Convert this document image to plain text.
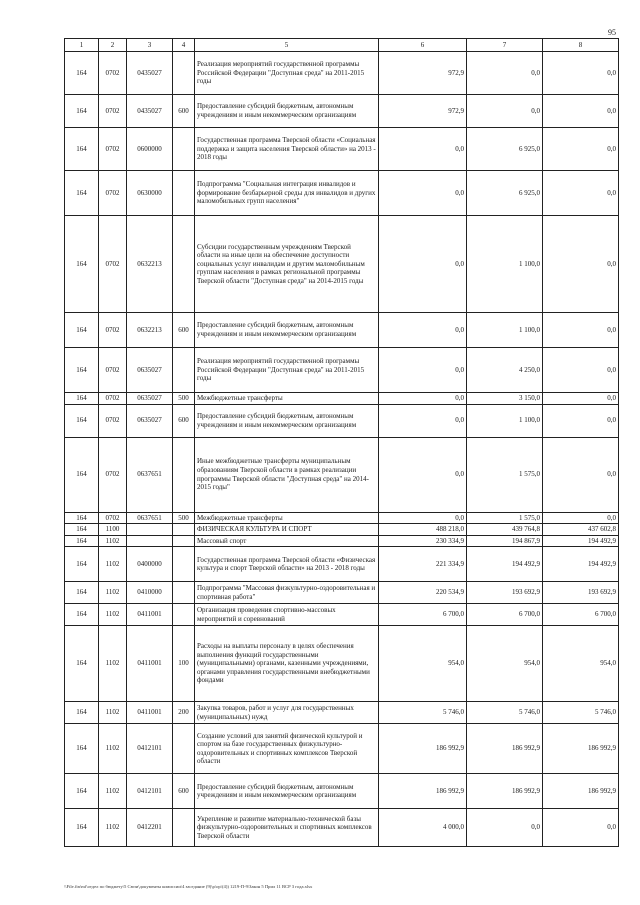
95
1	2	3	4	5	6	7	8
164	0702	0435027		Реализация мероприятий государственной программы Российской Федерации "Доступная среда" на 2011-2015 годы	972,9	0,0	0,0
164	0702	0435027	600	Предоставление субсидий бюджетным, автономным учреждениям и иным некоммерческим организациям	972,9	0,0	0,0
164	0702	0600000		Государственная программа Тверской области «Социальная поддержка и защита населения Тверской области» на 2013 - 2018 годы	0,0	6 925,0	0,0
164	0702	0630000		Подпрограмма "Социальная интеграция инвалидов и формирование безбарьерной среды для инвалидов и других маломобильных групп населения"	0,0	6 925,0	0,0
164	0702	0632213		Субсидии государственным учреждениям Тверской области на иные цели на обеспечение доступности социальных услуг инвалидам и другим маломобильным группам населения в рамках региональной программы Тверской области "Доступная среда" на 2014-2015 годы	0,0	1 100,0	0,0
164	0702	0632213	600	Предоставление субсидий бюджетным, автономным учреждениям и иным некоммерческим организациям	0,0	1 100,0	0,0
164	0702	0635027		Реализация мероприятий государственной программы Российской Федерации "Доступная среда" на 2011-2015 годы	0,0	4 250,0	0,0
164	0702	0635027	500	Межбюджетные трансферты	0,0	3 150,0	0,0
164	0702	0635027	600	Предоставление субсидий бюджетным, автономным учреждениям и иным некоммерческим организациям	0,0	1 100,0	0,0
164	0702	0637651		Иные межбюджетные трансферты муниципальным образованиям Тверской области в рамках реализации программы Тверской области "Доступная среда" на 2014-2015 годы"	0,0	1 575,0	0,0
164	0702	0637651	500	Межбюджетные трансферты	0,0	1 575,0	0,0
164	1100			ФИЗИЧЕСКАЯ КУЛЬТУРА И СПОРТ	488 218,0	439 764,8	437 602,8
164	1102			Массовый спорт	230 334,9	194 867,9	194 492,9
164	1102	0400000		Государственная программа Тверской области «Физическая культура и спорт Тверской области» на 2013 - 2018 годы	221 334,9	194 492,9	194 492,9
164	1102	0410000		Подпрограмма "Массовая физкультурно-оздоровительная и спортивная работа"	220 534,9	193 692,9	193 692,9
164	1102	0411001		Организация проведения спортивно-массовых мероприятий и соревнований	6 700,0	6 700,0	6 700,0
164	1102	0411001	100	Расходы на выплаты персоналу в целях обеспечения выполнения функций государственными (муниципальными) органами, казенными учреждениями, органами управления государственными внебюджетными фондами	954,0	954,0	954,0
164	1102	0411001	200	Закупка товаров, работ и услуг для государственных (муниципальных) нужд	5 746,0	5 746,0	5 746,0
164	1102	0412101		Создание условий для занятий физической культурой и спортом на базе государственных физкультурно-оздоровительных и спортивных комплексов Тверской области	186 992,9	186 992,9	186 992,9
164	1102	0412101	600	Предоставление субсидий бюджетным, автономным учреждениям и иным некоммерческим организациям	186 992,9	186 992,9	186 992,9
164	1102	0412201		Укрепление и развитие материально-технической базы физкультурно-оздоровительных и спортивных комплексов Тверской области	4 000,0	0,0	0,0
\\File.fin\mf\отдел по бюджету\5 Сюзи\документы комиссии\4 заседание (9)\р\ор\(4)) 1219-П-9\Закон 5 Прил 11 ВСР 3 годa.xlsx
